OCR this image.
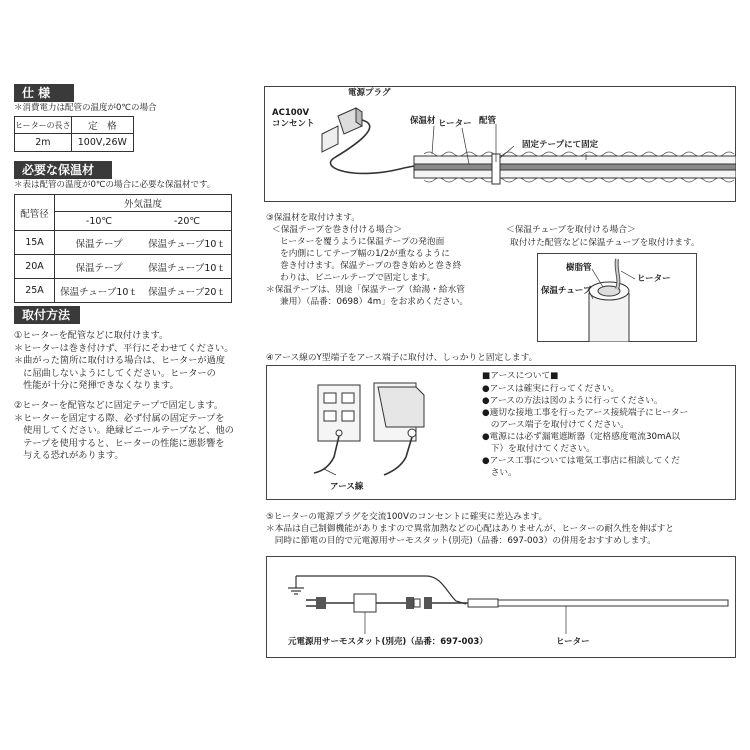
仕 様
＊消費電力は配管の温度が0℃の場合
ヒーターの長さ	定　格
2m	100V,26W
必要な保温材
＊表は配管の温度が0℃の場合に必要な保温材です。
配管径	外気温度	
	-10℃	-20℃
15A	保温テープ	保温チューブ10ｔ
20A	保温テープ	保温チューブ10ｔ
25A	保温チューブ10ｔ	保温チューブ20ｔ
取付方法
①ヒーターを配管などに取付けます。
＊ヒーターは巻き付けず、平行にそわせてください。
＊曲がった箇所に取付ける場合は、ヒーターが過度
　に屈曲しないようにしてください。ヒーターの
　性能が十分に発揮できなくなります。
②ヒーターを配管などに固定テープで固定します。
＊ヒーターを固定する際、必ず付属の固定テープを
　使用してください。絶縁ビニールテープなど、他の
　テープを使用すると、ヒーターの性能に悪影響を
　与える恐れがあります。
AC100V
コンセント
電源プラグ
保温材 ヒーター 配管
固定テープにて固定
③保温材を取付けます。
＜保温テープを巻き付ける場合＞
ヒーターを覆うように保温テープの発泡面
を内側にしてテープ幅の1/2が重なるように
巻き付けます。保温テープの巻き始めと巻き終
わりは、ビニールテープで固定します。
＊保温テープは、別途「保温テープ（給湯・給水管
兼用）（品番：0698）4m」をお求めください。
＜保温チューブを取付ける場合＞
取付けた配管などに保温チューブを取付けます。
樹脂管
ヒーター
保温チューブ
④アース線のY型端子をアース端子に取付け、しっかりと固定します。
アース線
■アースについて■
●アースは確実に行ってください。
●アースの方法は図のように行ってください。
●適切な接地工事を行ったアース接続端子にヒーター
　のアース端子を取付けてください。
●電源には必ず漏電遮断器（定格感度電流30mA以
　下）を取付けてください。
●アース工事については電気工事店に相談してくだ
　さい。
⑤ヒーターの電源プラグを交流100Vのコンセントに確実に差込みます。
＊本品は自己制御機能がありますので異常加熱などの心配はありませんが、ヒーターの耐久性を伸ばすと
　同時に節電の目的で元電源用サーモスタット(別売)（品番：697-003）の併用をおすすめします。
元電源用サーモスタット(別売)（品番：697-003）	ヒーター
